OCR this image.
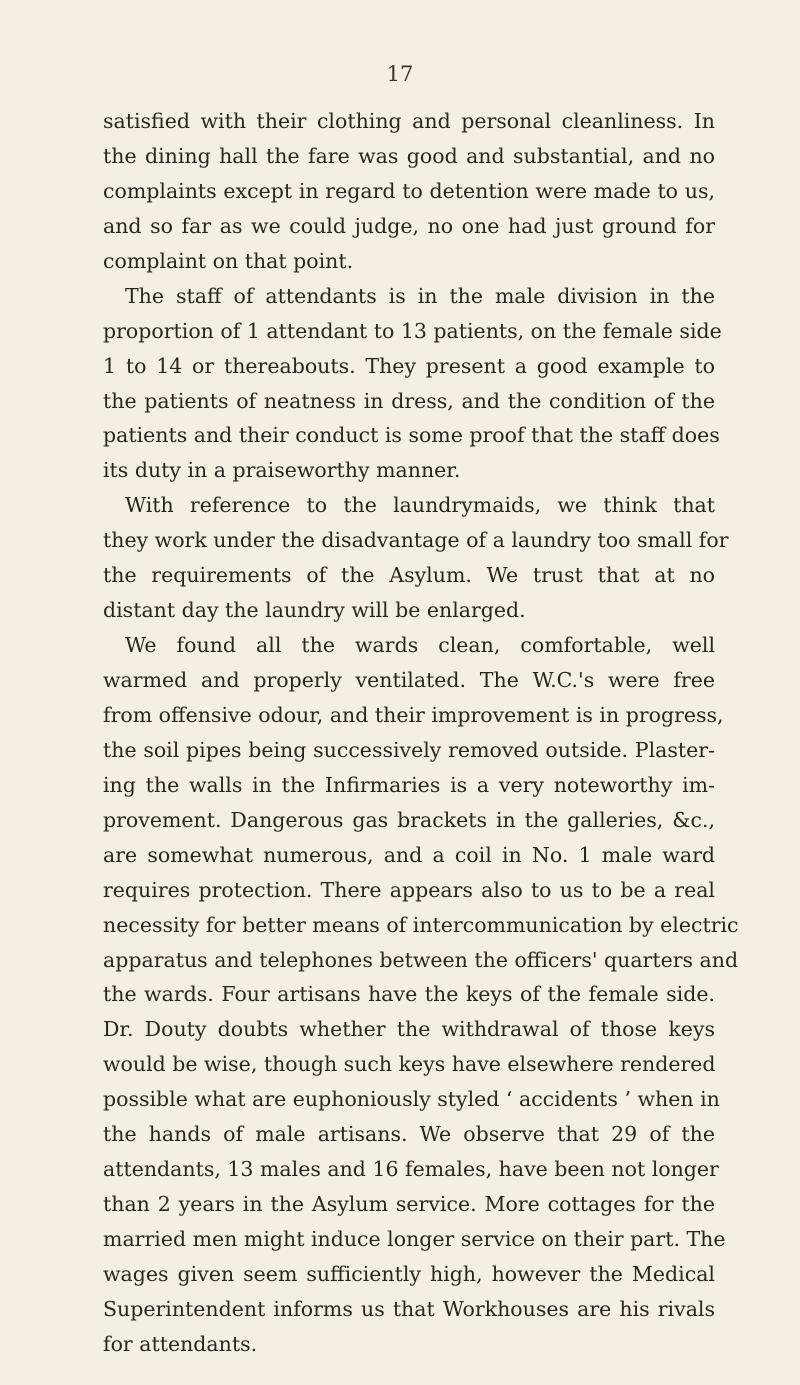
17
satisfied with their clothing and personal cleanliness. In
the dining hall the fare was good and substantial, and no
complaints except in regard to detention were made to us,
and so far as we could judge, no one had just ground for
complaint on that point.
The staff of attendants is in the male division in the
proportion of 1 attendant to 13 patients, on the female side
1 to 14 or thereabouts. They present a good example to
the patients of neatness in dress, and the condition of the
patients and their conduct is some proof that the staff does
its duty in a praiseworthy manner.
With reference to the laundrymaids, we think that
they work under the disadvantage of a laundry too small for
the requirements of the Asylum. We trust that at no
distant day the laundry will be enlarged.
We found all the wards clean, comfortable, well
warmed and properly ventilated. The W.C.'s were free
from offensive odour, and their improvement is in progress,
the soil pipes being successively removed outside. Plaster-
ing the walls in the Infirmaries is a very noteworthy im-
provement. Dangerous gas brackets in the galleries, &c.,
are somewhat numerous, and a coil in No. 1 male ward
requires protection. There appears also to us to be a real
necessity for better means of intercommunication by electric
apparatus and telephones between the officers' quarters and
the wards. Four artisans have the keys of the female side.
Dr. Douty doubts whether the withdrawal of those keys
would be wise, though such keys have elsewhere rendered
possible what are euphoniously styled ‘ accidents ’ when in
the hands of male artisans. We observe that 29 of the
attendants, 13 males and 16 females, have been not longer
than 2 years in the Asylum service. More cottages for the
married men might induce longer service on their part. The
wages given seem sufficiently high, however the Medical
Superintendent informs us that Workhouses are his rivals
for attendants.
